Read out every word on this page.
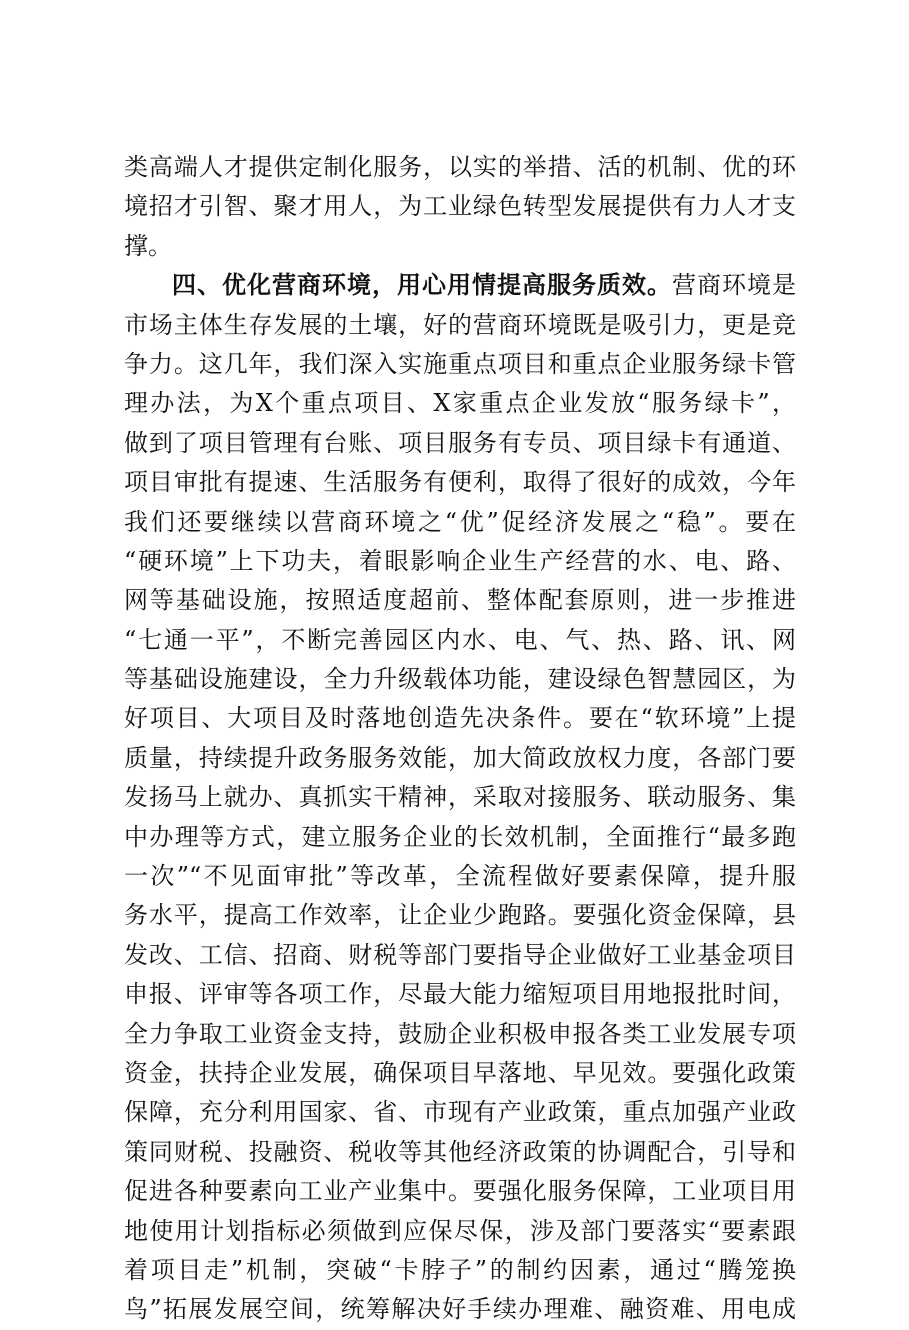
类高端人才提供定制化服务，以实的举措、活的机制、优的环
境招才引智、聚才用人，为工业绿色转型发展提供有力人才支
撑。
四、优化营商环境，用心用情提高服务质效。营商环境是
市场主体生存发展的土壤，好的营商环境既是吸引力，更是竞
争力。这几年，我们深入实施重点项目和重点企业服务绿卡管
理办法，为X个重点项目、X家重点企业发放“服务绿卡”，
做到了项目管理有台账、项目服务有专员、项目绿卡有通道、
项目审批有提速、生活服务有便利，取得了很好的成效，今年
我们还要继续以营商环境之“优”促经济发展之“稳”。要在
“硬环境”上下功夫，着眼影响企业生产经营的水、电、路、
网等基础设施，按照适度超前、整体配套原则，进一步推进
“七通一平”，不断完善园区内水、电、气、热、路、讯、网
等基础设施建设，全力升级载体功能，建设绿色智慧园区，为
好项目、大项目及时落地创造先决条件。要在“软环境”上提
质量，持续提升政务服务效能，加大简政放权力度，各部门要
发扬马上就办、真抓实干精神，采取对接服务、联动服务、集
中办理等方式，建立服务企业的长效机制，全面推行“最多跑
一次”“不见面审批”等改革，全流程做好要素保障，提升服
务水平，提高工作效率，让企业少跑路。要强化资金保障，县
发改、工信、招商、财税等部门要指导企业做好工业基金项目
申报、评审等各项工作，尽最大能力缩短项目用地报批时间，
全力争取工业资金支持，鼓励企业积极申报各类工业发展专项
资金，扶持企业发展，确保项目早落地、早见效。要强化政策
保障，充分利用国家、省、市现有产业政策，重点加强产业政
策同财税、投融资、税收等其他经济政策的协调配合，引导和
促进各种要素向工业产业集中。要强化服务保障，工业项目用
地使用计划指标必须做到应保尽保，涉及部门要落实“要素跟
着项目走”机制，突破“卡脖子”的制约因素，通过“腾笼换
鸟”拓展发展空间，统筹解决好手续办理难、融资难、用电成
